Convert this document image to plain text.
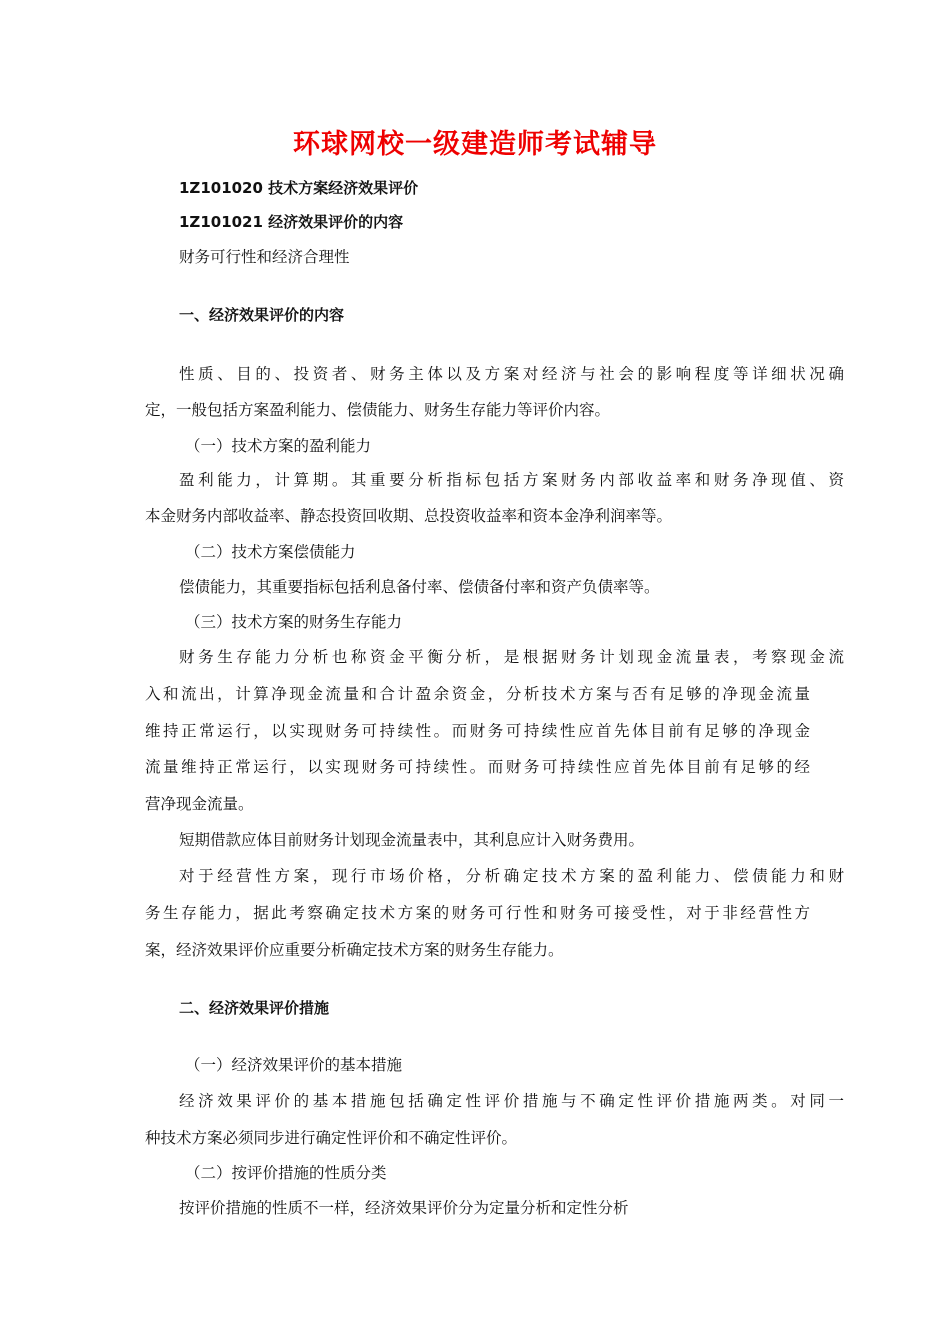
环球网校一级建造师考试辅导
1Z101020 技术方案经济效果评价
1Z101021 经济效果评价的内容
财务可行性和经济合理性
一、经济效果评价的内容
性质、目的、投资者、财务主体以及方案对经济与社会的影响程度等详细状况确
定，一般包括方案盈利能力、偿债能力、财务生存能力等评价内容。
（一）技术方案的盈利能力
盈利能力，计算期。其重要分析指标包括方案财务内部收益率和财务净现值、资
本金财务内部收益率、静态投资回收期、总投资收益率和资本金净利润率等。
（二）技术方案偿债能力
偿债能力，其重要指标包括利息备付率、偿债备付率和资产负债率等。
（三）技术方案的财务生存能力
财务生存能力分析也称资金平衡分析，是根据财务计划现金流量表，考察现金流
入和流出，计算净现金流量和合计盈余资金，分析技术方案与否有足够的净现金流量
维持正常运行，以实现财务可持续性。而财务可持续性应首先体目前有足够的净现金
流量维持正常运行，以实现财务可持续性。而财务可持续性应首先体目前有足够的经
营净现金流量。
短期借款应体目前财务计划现金流量表中，其利息应计入财务费用。
对于经营性方案，现行市场价格，分析确定技术方案的盈利能力、偿债能力和财
务生存能力，据此考察确定技术方案的财务可行性和财务可接受性，对于非经营性方
案，经济效果评价应重要分析确定技术方案的财务生存能力。
二、经济效果评价措施
（一）经济效果评价的基本措施
经济效果评价的基本措施包括确定性评价措施与不确定性评价措施两类。对同一
种技术方案必须同步进行确定性评价和不确定性评价。
（二）按评价措施的性质分类
按评价措施的性质不一样，经济效果评价分为定量分析和定性分析
